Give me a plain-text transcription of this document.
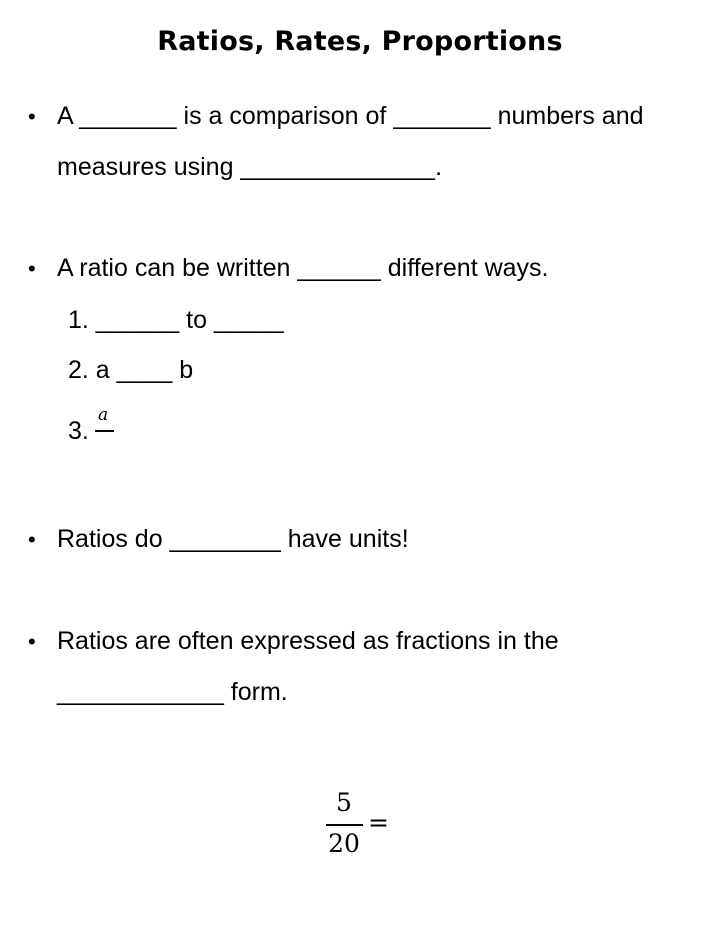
Ratios, Rates, Proportions
• A _______ is a comparison of _______ numbers and
measures using ______________.
• A ratio can be written ______ different ways.
1. ______ to _____
2. a ____ b
3.
a
• Ratios do ________ have units!
• Ratios are often expressed as fractions in the
____________ form.
5
20
=
